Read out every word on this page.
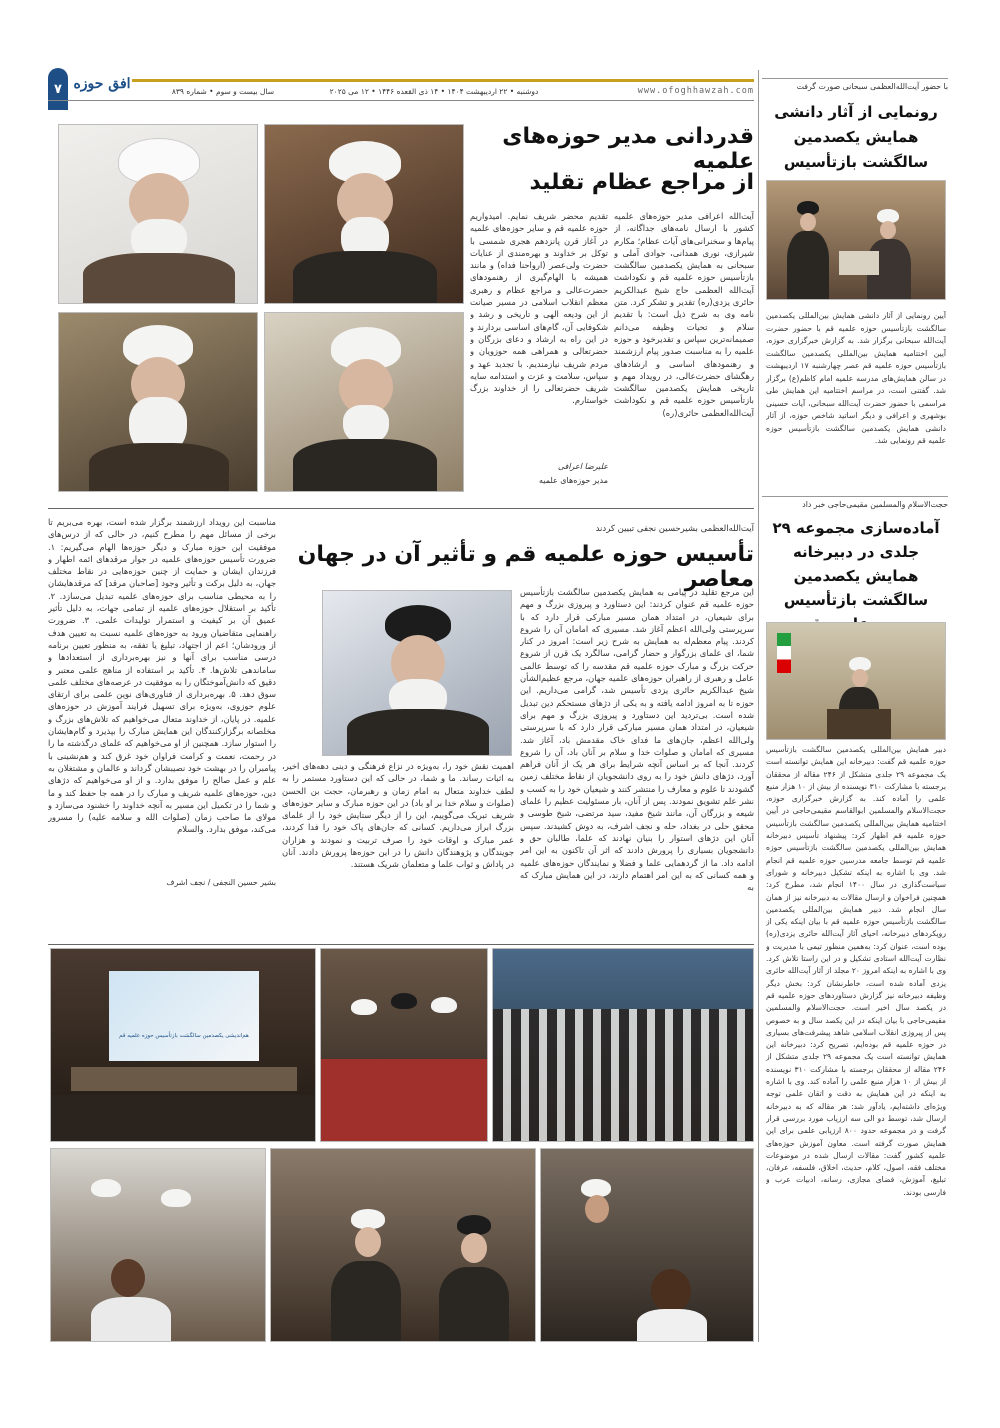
۷ افق حوزه	سال بیست و سوم • شماره ۸۳۹	دوشنبه • ۲۲ اردیبهشت ۱۴۰۴ • ۱۴ ذی القعده ۱۴۴۶ • ۱۲ می ۲۰۲۵	www.ofoghhawzah.com	با حضور آیت‌الله‌العظمی سبحانی صورت گرفت
رونمایی از آثار دانشی همایش یکصدمین سالگشت بازتأسیس
آیین رونمایی از آثار دانشی همایش بین‌المللی یکصدمین سالگشت بازتأسیس حوزه علمیه قم با حضور حضرت آیت‌الله سبحانی برگزار شد. به گزارش خبرگزاری حوزه، آیین اختتامیه همایش بین‌المللی یکصدمین سالگشت بازتأسیس حوزه علمیه قم عصر چهارشنبه ۱۷ اردیبهشت در سالن همایش‌های مدرسه علمیه امام کاظم(ع) برگزار شد. گفتنی است، در مراسم اختتامیه این همایش طی مراسمی با حضور حضرت آیت‌الله سبحانی، آیات حسینی بوشهری و اعرافی و دیگر اساتید شاخص حوزه، از آثار دانشی همایش یکصدمین سالگشت بازتأسیس حوزه علمیه قم رونمایی شد.
حجت‌الاسلام والمسلمین مقیمی‌حاجی خبر داد
آماده‌سازی مجموعه ۲۹ جلدی در دبیرخانه همایش یکصدمین سالگشت بازتأسیس
دبیر همایش بین‌المللی یکصدمین سالگشت بازتأسیس حوزه علمیه قم گفت: دبیرخانه این همایش توانسته است یک مجموعه ۲۹ جلدی متشکل از ۲۴۶ مقاله از محققان برجسته با مشارکت ۳۱۰ نویسنده از بیش از ۱۰ هزار منبع علمی را آماده کند. به گزارش خبرگزاری حوزه، حجت‌الاسلام والمسلمین ابوالقاسم مقیمی‌حاجی در آیین اختتامیه همایش بین‌المللی یکصدمین سالگشت بازتأسیس حوزه علمیه قم اظهار کرد: پیشنهاد تأسیس دبیرخانه همایش بین‌المللی یکصدمین سالگشت بازتأسیس حوزه علمیه قم توسط جامعه مدرسین حوزه علمیه قم انجام شد. وی با اشاره به اینکه تشکیل دبیرخانه و شورای سیاست‌گذاری در سال ۱۴۰۰ انجام شد، مطرح کرد: همچنین فراخوان و ارسال مقالات به دبیرخانه نیز از همان سال انجام شد. دبیر همایش بین‌المللی یکصدمین سالگشت بازتأسیس حوزه علمیه قم با بیان اینکه یکی از رویکردهای دبیرخانه، احیای آثار آیت‌الله حائری یزدی(ره) بوده است، عنوان کرد: به‌همین منظور تیمی با مدیریت و نظارت آیت‌الله استادی تشکیل و در این راستا تلاش کرد. وی با اشاره به اینکه امروز ۲۰ مجلد از آثار آیت‌الله حائری یزدی آماده شده است، خاطرنشان کرد: بخش دیگر وظیفه دبیرخانه نیز گزارش دستاوردهای حوزه علمیه قم در یکصد سال اخیر است. حجت‌الاسلام والمسلمین مقیمی‌حاجی با بیان اینکه در این یکصد سال و به خصوص پس از پیروزی انقلاب اسلامی شاهد پیشرفت‌های بسیاری در حوزه علمیه قم بوده‌ایم، تصریح کرد: دبیرخانه این همایش توانسته است یک مجموعه ۲۹ جلدی متشکل از ۲۴۶ مقاله از محققان برجسته با مشارکت ۳۱۰ نویسنده از بیش از ۱۰ هزار منبع علمی را آماده کند. وی با اشاره به اینکه در این همایش به دقت و اتقان علمی توجه ویژه‌ای داشته‌ایم، یادآور شد: هر مقاله که به دبیرخانه ارسال شد، توسط دو الی سه ارزیاب مورد بررسی قرار گرفت و در مجموعه حدود ۸۰۰ ارزیابی علمی برای این همایش صورت گرفته است. معاون آموزش حوزه‌های علمیه کشور گفت: مقالات ارسال شده در موضوعات مختلف فقه، اصول، کلام، حدیث، اخلاق، فلسفه، عرفان، تبلیغ، آموزش، فضای مجازی، رسانه، ادبیات عرب و فارسی بودند.
قدردانی مدیر حوزه‌های علمیه
از مراجع عظام تقلید
آیت‌الله اعرافی مدیر حوزه‌های علمیه کشور با ارسال نامه‌های جداگانه، از پیام‌ها و سخنرانی‌های آیات عظام؛ مکارم شیرازی، نوری همدانی، جوادی آملی و سبحانی به همایش یکصدمین سالگشت بازتأسیس حوزه علمیه قم و نکوداشت آیت‌الله العظمی حاج شیخ عبدالکریم حائری یزدی(ره) تقدیر و تشکر کرد. متن نامه وی به شرح ذیل است: با تقدیم سلام و تحیات وظیفه می‌دانم صمیمانه‌ترین سپاس و تقدیرخود و حوزه علمیه را به مناسبت صدور پیام ارزشمند و رهنمودهای اساسی و ارشادهای رهگشای حضرت‌عالی، در رویداد مهم و تاریخی همایش یکصدمین سالگشت بازتأسیس حوزه علمیه قم و نکوداشت آیت‌الله‌العظمی حائری(ره)
تقدیم محضر شریف نمایم. امیدواریم حوزه علمیه قم و سایر حوزه‌های علمیه در آغاز قرن پانزدهم هجری شمسی با توکل بر خداوند و بهره‌مندی از عنایات حضرت ولی‌عصر (ارواحنا فداه) و مانند همیشه با الهام‌گیری از رهنمودهای حضرت‌عالی و مراجع عظام و رهبری معظم انقلاب اسلامی در مسیر صیانت از این ودیعه الهی و تاریخی و رشد و شکوفایی آن، گام‌های اساسی بردارند و در این راه به ارشاد و دعای بزرگان و حضرتعالی و همراهی همه حوزویان و مردم شریف نیازمندیم. با تجدید عهد و سپاس، سلامت و عزت و استدامه سایه شریف حضرتعالی را از خداوند بزرگ خواستارم.
علیرضا اعرافی
مدیر حوزه‌های علمیه
آیت‌الله‌العظمی بشیرحسین نجفی تبیین کردند
تأسیس حوزه علمیه قم و تأثیر آن در جهان معاصر
این مرجع تقلید در پیامی به همایش یکصدمین سالگشت بازتأسیس حوزه علمیه قم عنوان کردند: این دستاورد و پیروزی بزرگ و مهم برای شیعیان، در امتداد همان مسیر مبارکی قرار دارد که با سرپرستی ولی‌الله اعظم آغاز شد. مسیری که امامان آن را شروع کردند. پیام معظم‌له به همایش به شرح زیر است: امروز در کنار شما، ای علمای بزرگوار و حضار گرامی، سالگرد یک قرن از شروع حرکت بزرگ و مبارک حوزه علمیه قم مقدسه را که توسط عالمی عامل و رهبری از راهبران حوزه‌های علمیه جهان، مرجع عظیم‌الشأن شیخ عبدالکریم حائری یزدی تأسیس شد، گرامی می‌داریم. این حوزه تا به امروز ادامه یافته و به یکی از دژهای مستحکم دین تبدیل شده است. بی‌تردید این دستاورد و پیروزی بزرگ و مهم برای شیعیان، در امتداد همان مسیر مبارکی قرار دارد که با سرپرستی ولی‌الله اعظم، جان‌های ما فدای خاک مقدمش باد، آغاز شد. مسیری که امامان و صلوات خدا و سلام بر آنان باد، آن را شروع کردند. آنجا که بر اساس آنچه شرایط برای هر یک از آنان فراهم آورد، دژهای دانش خود را به روی دانشجویان از نقاط مختلف زمین گشودند تا علوم و معارف را منتشر کنند و شیعیان خود را به کسب و نشر علم تشویق نمودند. پس از آنان، بار مسئولیت عظیم را علمای شیعه و بزرگان آن، مانند شیخ مفید، سید مرتضی، شیخ طوسی و محقق حلی در بغداد، حله و نجف اشرف، به دوش کشیدند. سپس آنان این دژهای استوار را بنیان نهادند که علما، طالبان حق و دانشجویان بسیاری را پرورش دادند که اثر آن تاکنون به این امر ادامه داد. ما از گردهمایی علما و فضلا و نمایندگان حوزه‌های علمیه و همه کسانی که به این امر اهتمام دارند، در این همایش مبارک که به
اهمیت نقش خود را، به‌ویژه در نزاع فرهنگی و دینی دهه‌های اخیر، به اثبات رساند. ما و شما، در حالی که این دستاورد مستمر را به لطف خداوند متعال به امام زمان و رهبرمان، حجت بن الحسن (صلوات و سلام خدا بر او باد) در این حوزه مبارک و سایر حوزه‌های شریف تبریک می‌گوییم، این را از دیگر ستایش خود را از علمای بزرگ ابراز می‌داریم. کسانی که جان‌های پاک خود را فدا کردند، عمر مبارک و اوقات خود را صرف تربیت و نمودند و هزاران جویندگان و پژوهندگان دانش را در این حوزه‌ها پرورش دادند. آنان در پاداش و ثواب علما و متعلمان شریک هستند.
مناسبت این رویداد ارزشمند برگزار شده است، بهره می‌بریم تا برخی از مسائل مهم را مطرح کنیم، در حالی که از درس‌های موفقیت این حوزه مبارک و دیگر حوزه‌ها الهام می‌گیریم: ۱. ضرورت تأسیس حوزه‌های علمیه در جوار مرقدهای ائمه اطهار و فرزندان ایشان و حمایت از چنین حوزه‌هایی در نقاط مختلف جهان، به دلیل برکت و تأثیر وجود [صاحبان مرقد] که مرقدهایشان را به محیطی مناسب برای حوزه‌های علمیه تبدیل می‌سازد. ۲. تأکید بر استقلال حوزه‌های علمیه از تمامی جهات، به دلیل تأثیر عمیق آن بر کیفیت و استمرار تولیدات علمی. ۳. ضرورت راهنمایی متقاضیان ورود به حوزه‌های علمیه نسبت به تعیین هدف از ورودشان؛ اعم از اجتهاد، تبلیغ یا تفقه، به منظور تعیین برنامه درسی مناسب برای آنها و نیز بهره‌برداری از استعدادها و ساماندهی تلاش‌ها. ۴. تأکید بر استفاده از مناهج علمی معتبر و دقیق که دانش‌آموختگان را به موفقیت در عرصه‌های مختلف علمی سوق دهد. ۵. بهره‌برداری از فناوری‌های نوین علمی برای ارتقای علوم حوزوی، به‌ویژه برای تسهیل فرایند آموزش در حوزه‌های علمیه. در پایان، از خداوند متعال می‌خواهیم که تلاش‌های بزرگ و مخلصانه برگزارکنندگان این همایش مبارک را بپذیرد و گام‌هایشان را استوار سازد. همچنین از او می‌خواهیم که علمای درگذشته ما را در رحمت، نعمت و کرامت فراوان خود غرق کند و هم‌نشینی با پیامبران را در بهشت خود نصیبشان گرداند و عالمان و مشتغلان به علم و عمل صالح را موفق بدارد. و از او می‌خواهیم که دژهای دین، حوزه‌های علمیه شریف و مبارک را در همه جا حفظ کند و ما و شما را در تکمیل این مسیر به آنچه خداوند را خشنود می‌سازد و مولای ما صاحب زمان (صلوات الله و سلامه علیه) را مسرور می‌کند، موفق بدارد. والسلام
بشیر حسین النجفی / نجف اشرف
هم‌اندیشی یکصدمین سالگشت بازتأسیس حوزه علمیه قم
